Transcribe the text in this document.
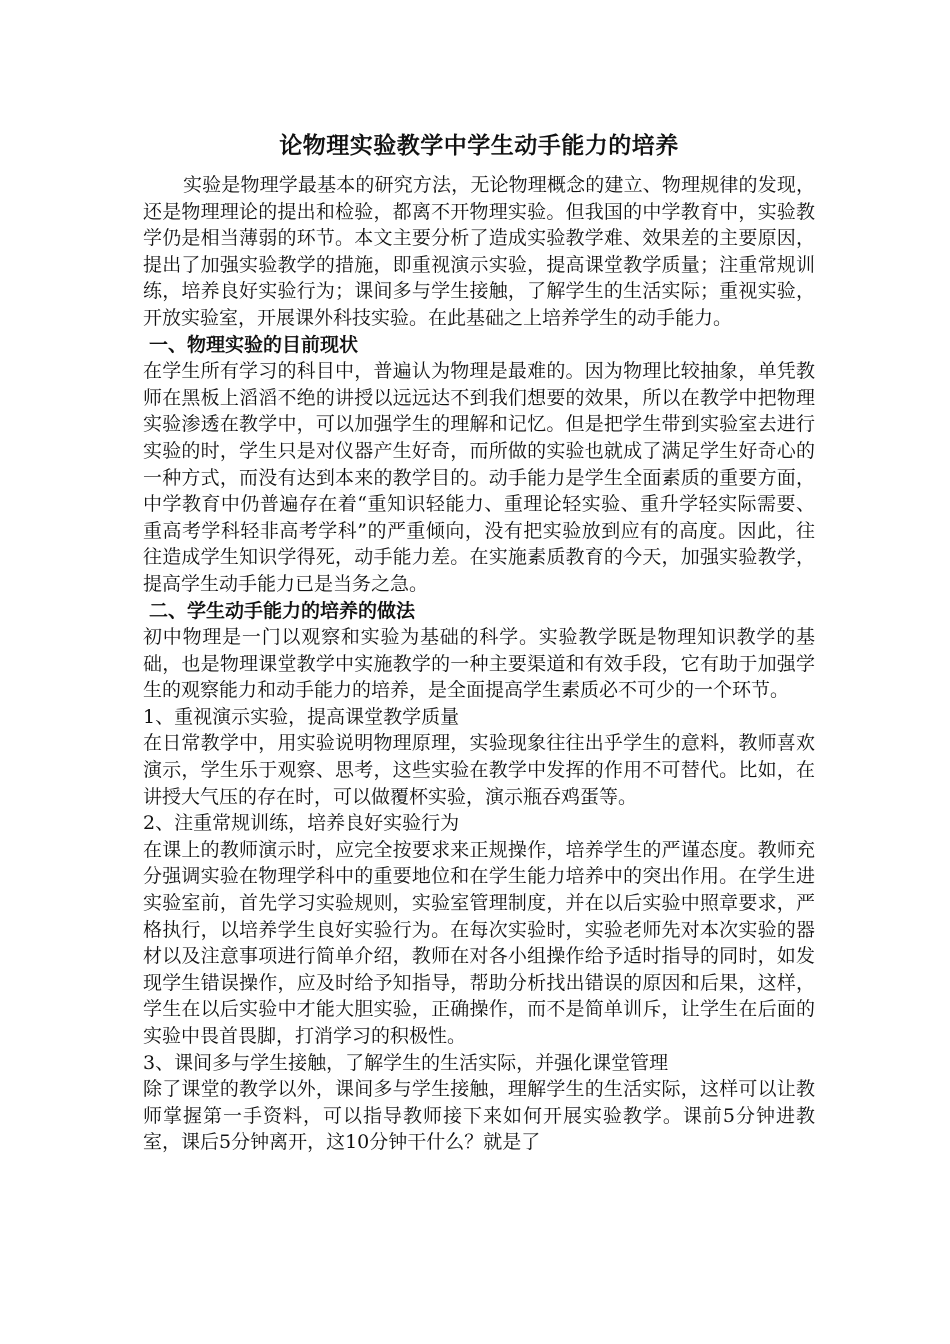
论物理实验教学中学生动手能力的培养

实验是物理学最基本的研究方法，无论物理概念的建立、物理规律的发现，还是物理理论的提出和检验，都离不开物理实验。但我国的中学教育中，实验教学仍是相当薄弱的环节。本文主要分析了造成实验教学难、效果差的主要原因，提出了加强实验教学的措施，即重视演示实验，提高课堂教学质量；注重常规训练，培养良好实验行为；课间多与学生接触，了解学生的生活实际；重视实验，开放实验室，开展课外科技实验。在此基础之上培养学生的动手能力。

一、物理实验的目前现状

在学生所有学习的科目中，普遍认为物理是最难的。因为物理比较抽象，单凭教师在黑板上滔滔不绝的讲授以远远达不到我们想要的效果，所以在教学中把物理实验渗透在教学中，可以加强学生的理解和记忆。但是把学生带到实验室去进行实验的时，学生只是对仪器产生好奇，而所做的实验也就成了满足学生好奇心的一种方式，而没有达到本来的教学目的。动手能力是学生全面素质的重要方面，中学教育中仍普遍存在着“重知识轻能力、重理论轻实验、重升学轻实际需要、重高考学科轻非高考学科”的严重倾向，没有把实验放到应有的高度。因此，往往造成学生知识学得死，动手能力差。在实施素质教育的今天，加强实验教学，提高学生动手能力已是当务之急。

二、学生动手能力的培养的做法

初中物理是一门以观察和实验为基础的科学。实验教学既是物理知识教学的基础，也是物理课堂教学中实施教学的一种主要渠道和有效手段，它有助于加强学生的观察能力和动手能力的培养，是全面提高学生素质必不可少的一个环节。

1、重视演示实验，提高课堂教学质量

在日常教学中，用实验说明物理原理，实验现象往往出乎学生的意料，教师喜欢演示，学生乐于观察、思考，这些实验在教学中发挥的作用不可替代。比如，在讲授大气压的存在时，可以做覆杯实验，演示瓶吞鸡蛋等。

2、注重常规训练，培养良好实验行为

在课上的教师演示时，应完全按要求来正规操作，培养学生的严谨态度。教师充分强调实验在物理学科中的重要地位和在学生能力培养中的突出作用。在学生进实验室前，首先学习实验规则，实验室管理制度，并在以后实验中照章要求，严格执行，以培养学生良好实验行为。在每次实验时，实验老师先对本次实验的器材以及注意事项进行简单介绍，教师在对各小组操作给予适时指导的同时，如发现学生错误操作，应及时给予知指导，帮助分析找出错误的原因和后果，这样，学生在以后实验中才能大胆实验，正确操作，而不是简单训斥，让学生在后面的实验中畏首畏脚，打消学习的积极性。

3、课间多与学生接触，了解学生的生活实际，并强化课堂管理

除了课堂的教学以外，课间多与学生接触，理解学生的生活实际，这样可以让教师掌握第一手资料，可以指导教师接下来如何开展实验教学。课前5分钟进教室，课后5分钟离开，这10分钟干什么？就是了
